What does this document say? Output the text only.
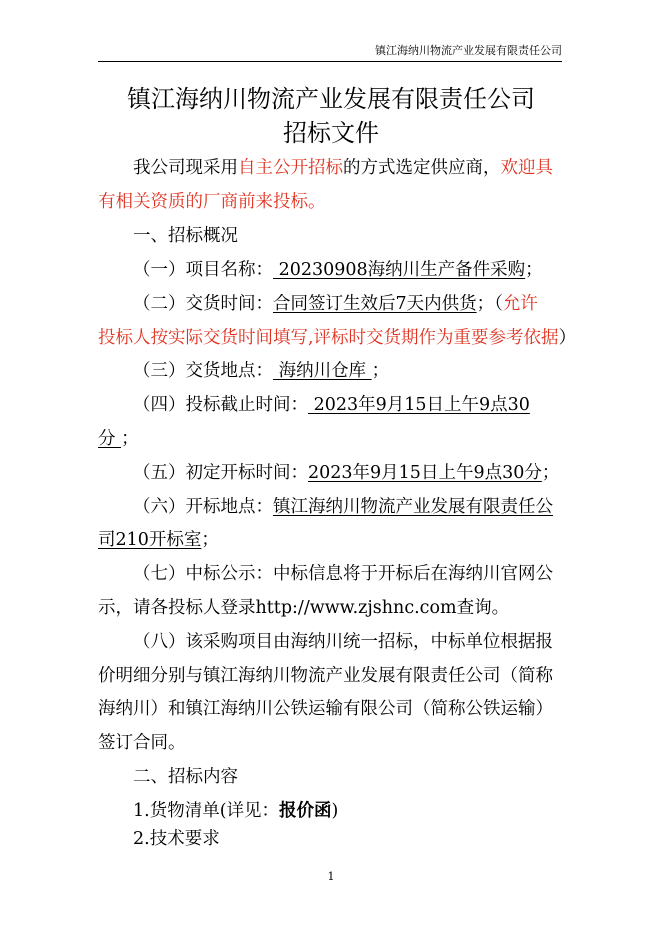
镇江海纳川物流产业发展有限责任公司
镇江海纳川物流产业发展有限责任公司
招标文件
我公司现采用自主公开招标的方式选定供应商，欢迎具
有相关资质的厂商前来投标。
一、招标概况
（一）项目名称： 20230908海纳川生产备件采购；
（二）交货时间：合同签订生效后7天内供货；（允许
投标人按实际交货时间填写,评标时交货期作为重要参考依据）
（三）交货地点： 海纳川仓库 ；
（四）投标截止时间： 2023年9月15日上午9点30
分 ；
（五）初定开标时间：2023年9月15日上午9点30分；
（六）开标地点：镇江海纳川物流产业发展有限责任公
司210开标室；
（七）中标公示：中标信息将于开标后在海纳川官网公
示，请各投标人登录http://www.zjshnc.com查询。
（八）该采购项目由海纳川统一招标，中标单位根据报
价明细分别与镇江海纳川物流产业发展有限责任公司（简称
海纳川）和镇江海纳川公铁运输有限公司（简称公铁运输）
签订合同。
二、招标内容
1.货物清单(详见：报价函)
2.技术要求
1
